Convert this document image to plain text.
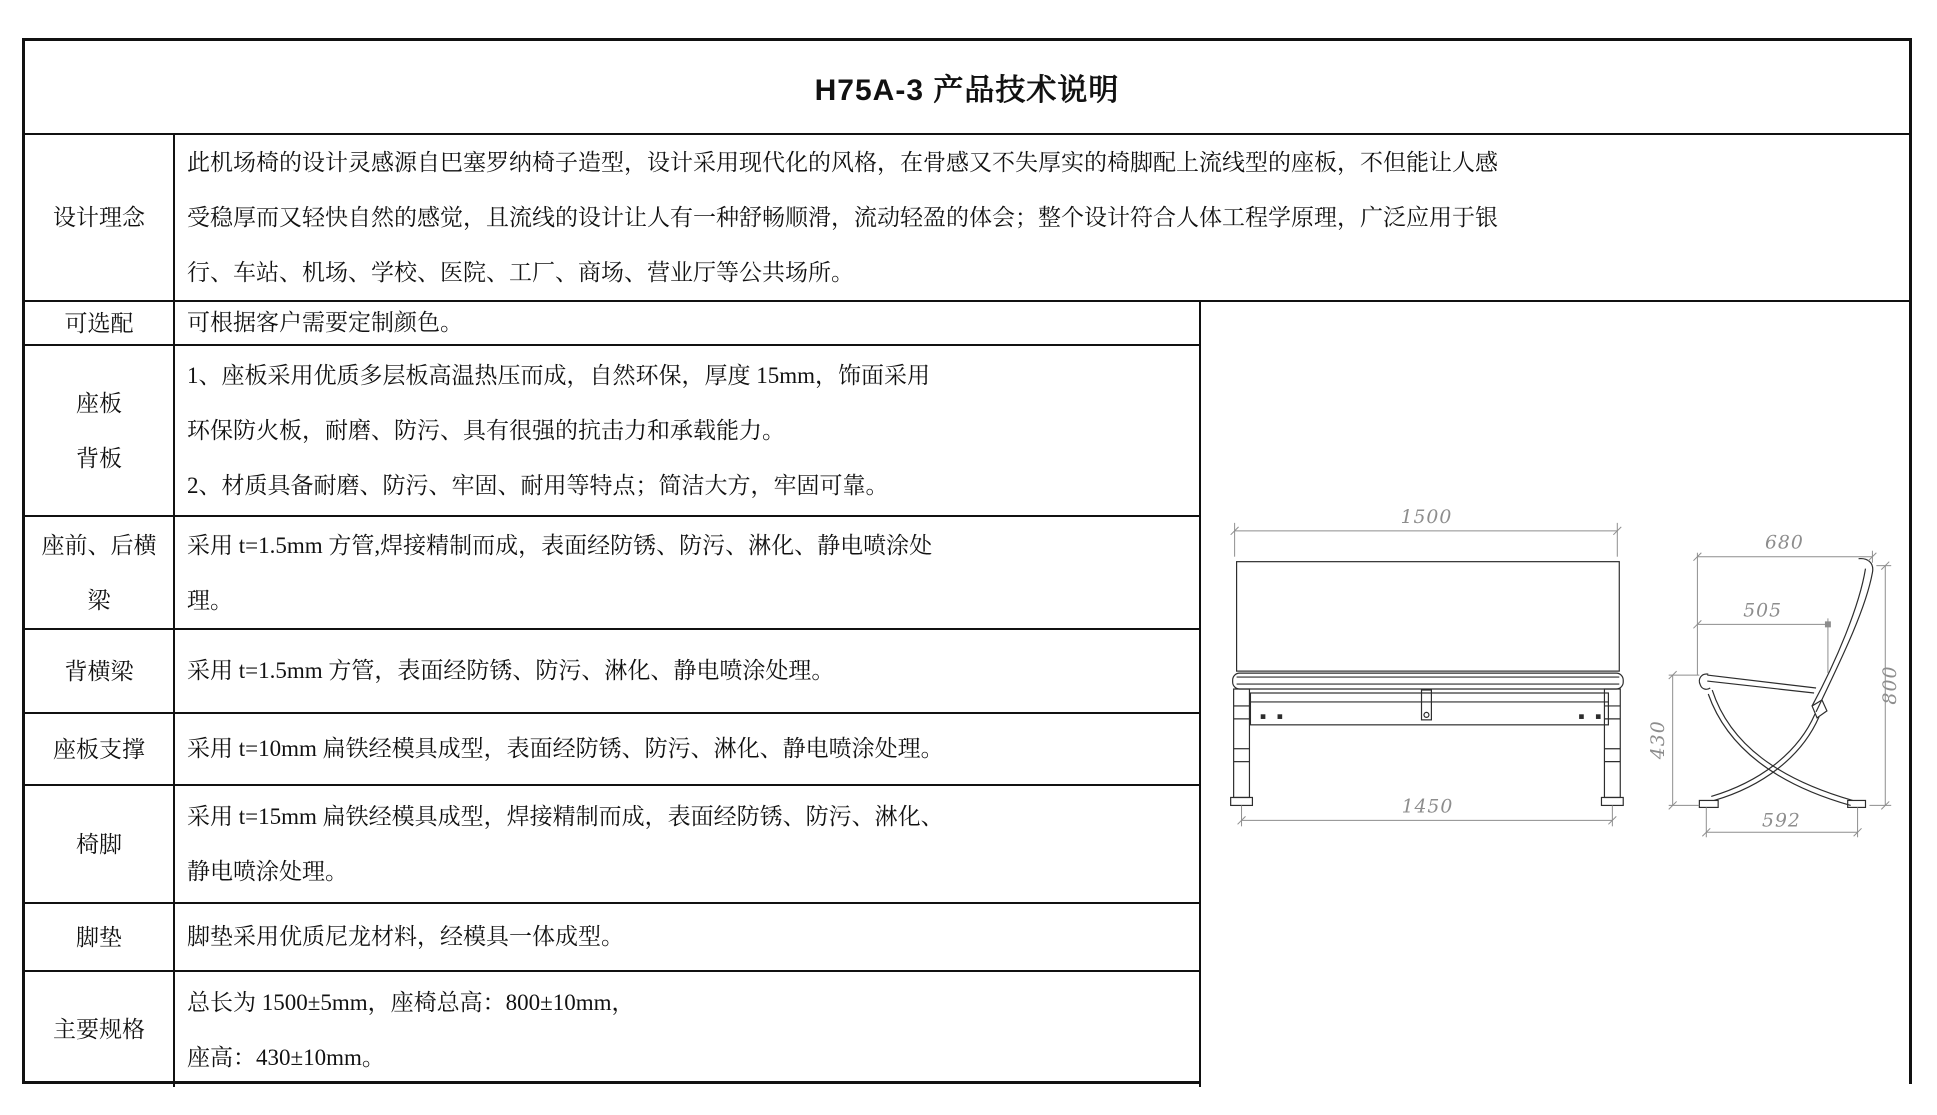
H75A-3 产品技术说明

设计理念

此机场椅的设计灵感源自巴塞罗纳椅子造型，设计采用现代化的风格，在骨感又不失厚实的椅脚配上流线型的座板，不但能让人感

受稳厚而又轻快自然的感觉，且流线的设计让人有一种舒畅顺滑，流动轻盈的体会；整个设计符合人体工程学原理，广泛应用于银

行、车站、机场、学校、医院、工厂、商场、营业厅等公共场所。

可选配 可根据客户需要定制颜色。

座板

背板

1、座板采用优质多层板高温热压而成，自然环保，厚度 15mm，饰面采用

环保防火板，耐磨、防污、具有很强的抗击力和承载能力。

2、材质具备耐磨、防污、牢固、耐用等特点；简洁大方，牢固可靠。

座前、后横

梁

采用 t=1.5mm 方管,焊接精制而成，表面经防锈、防污、淋化、静电喷涂处

理。

背横梁 采用 t=1.5mm 方管，表面经防锈、防污、淋化、静电喷涂处理。

座板支撑 采用 t=10mm 扁铁经模具成型，表面经防锈、防污、淋化、静电喷涂处理。

椅脚

采用 t=15mm 扁铁经模具成型，焊接精制而成，表面经防锈、防污、淋化、

静电喷涂处理。

脚垫	脚垫采用优质尼龙材料，经模具一体成型。

主要规格

总长为 1500±5mm，座椅总高：800±10mm，

座高：430±10mm。

1500
1450
680
505
800
430
592
